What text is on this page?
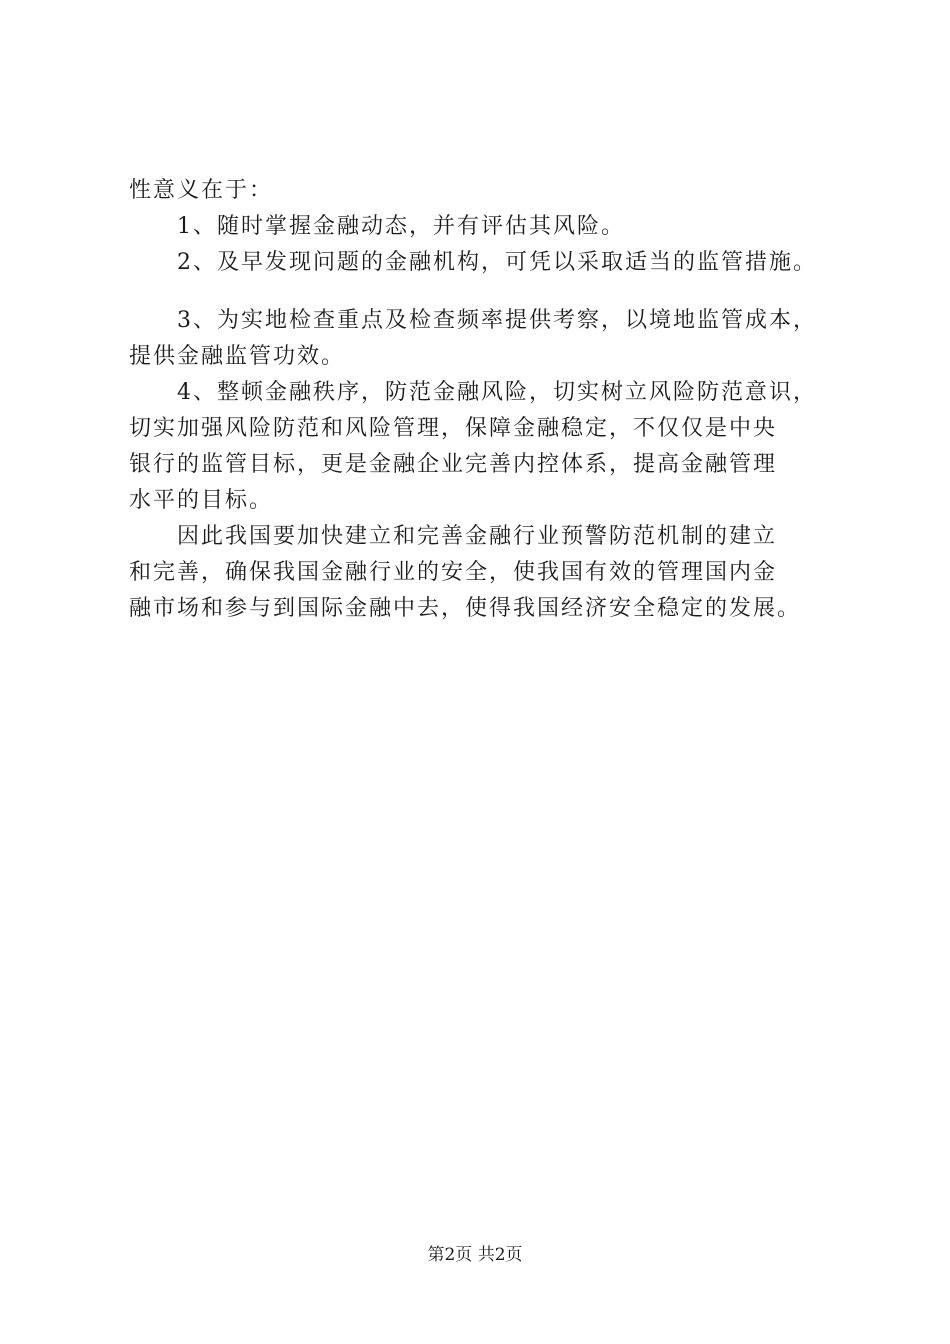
性意义在于：
　　1、随时掌握金融动态，并有评估其风险。
　　2、及早发现问题的金融机构，可凭以采取适当的监管措施。
　　3、为实地检查重点及检查频率提供考察，以境地监管成本，
提供金融监管功效。
　　4、整顿金融秩序，防范金融风险，切实树立风险防范意识，
切实加强风险防范和风险管理，保障金融稳定，不仅仅是中央
银行的监管目标，更是金融企业完善内控体系，提高金融管理
水平的目标。
　　因此我国要加快建立和完善金融行业预警防范机制的建立
和完善，确保我国金融行业的安全，使我国有效的管理国内金
融市场和参与到国际金融中去，使得我国经济安全稳定的发展。
第2页 共2页
